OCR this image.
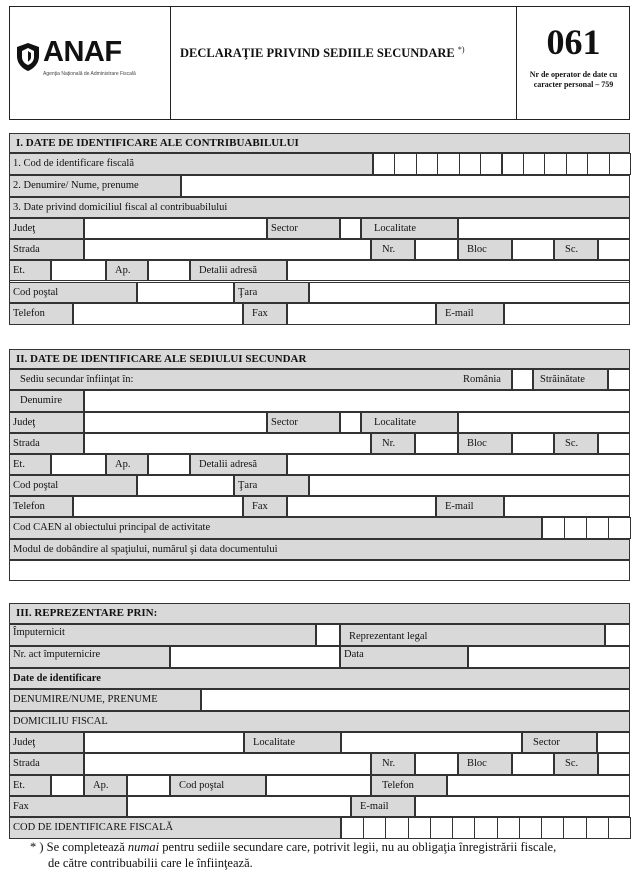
ANAF
Agenţia Naţională de Administrare Fiscală
DECLARAŢIE PRIVIND SEDIILE SECUNDARE *)	061
Nr de operator de date cu caracter personal – 759
I. DATE DE IDENTIFICARE ALE CONTRIBUABILULUI
1. Cod de identificare fiscală
2. Denumire/ Nume, prenume
3. Date privind domiciliul fiscal al contribuabilului
Judeţ	Sector	Localitate
Strada	Nr.	Bloc	Sc.
Et.	Ap.	Detalii adresă
Cod poştal	Ţara
Telefon	Fax	E-mail
II. DATE DE IDENTIFICARE ALE SEDIULUI SECUNDAR
Sediu secundar înfiinţat în:	România	Străinătate
Denumire
Judeţ	Sector	Localitate
Strada	Nr.	Bloc	Sc.
Et.	Ap.	Detalii adresă
Cod poştal	Ţara
Telefon	Fax	E-mail
Cod CAEN al obiectului principal de activitate
Modul de dobândire al spaţiului, numărul şi data documentului
III. REPREZENTARE PRIN:
Împuternicit	Reprezentant legal
Nr. act împuternicire	Data
Date de identificare
DENUMIRE/NUME, PRENUME
DOMICILIU FISCAL
Judeţ	Localitate	Sector
Strada	Nr.	Bloc	Sc.
Et.	Ap.	Cod poştal	Telefon
Fax	E-mail
COD DE IDENTIFICARE FISCALĂ
* ) Se completează numai pentru sediile secundare care, potrivit legii, nu au obligaţia înregistrării fiscale,
de către contribuabilii care le înfiinţează.
